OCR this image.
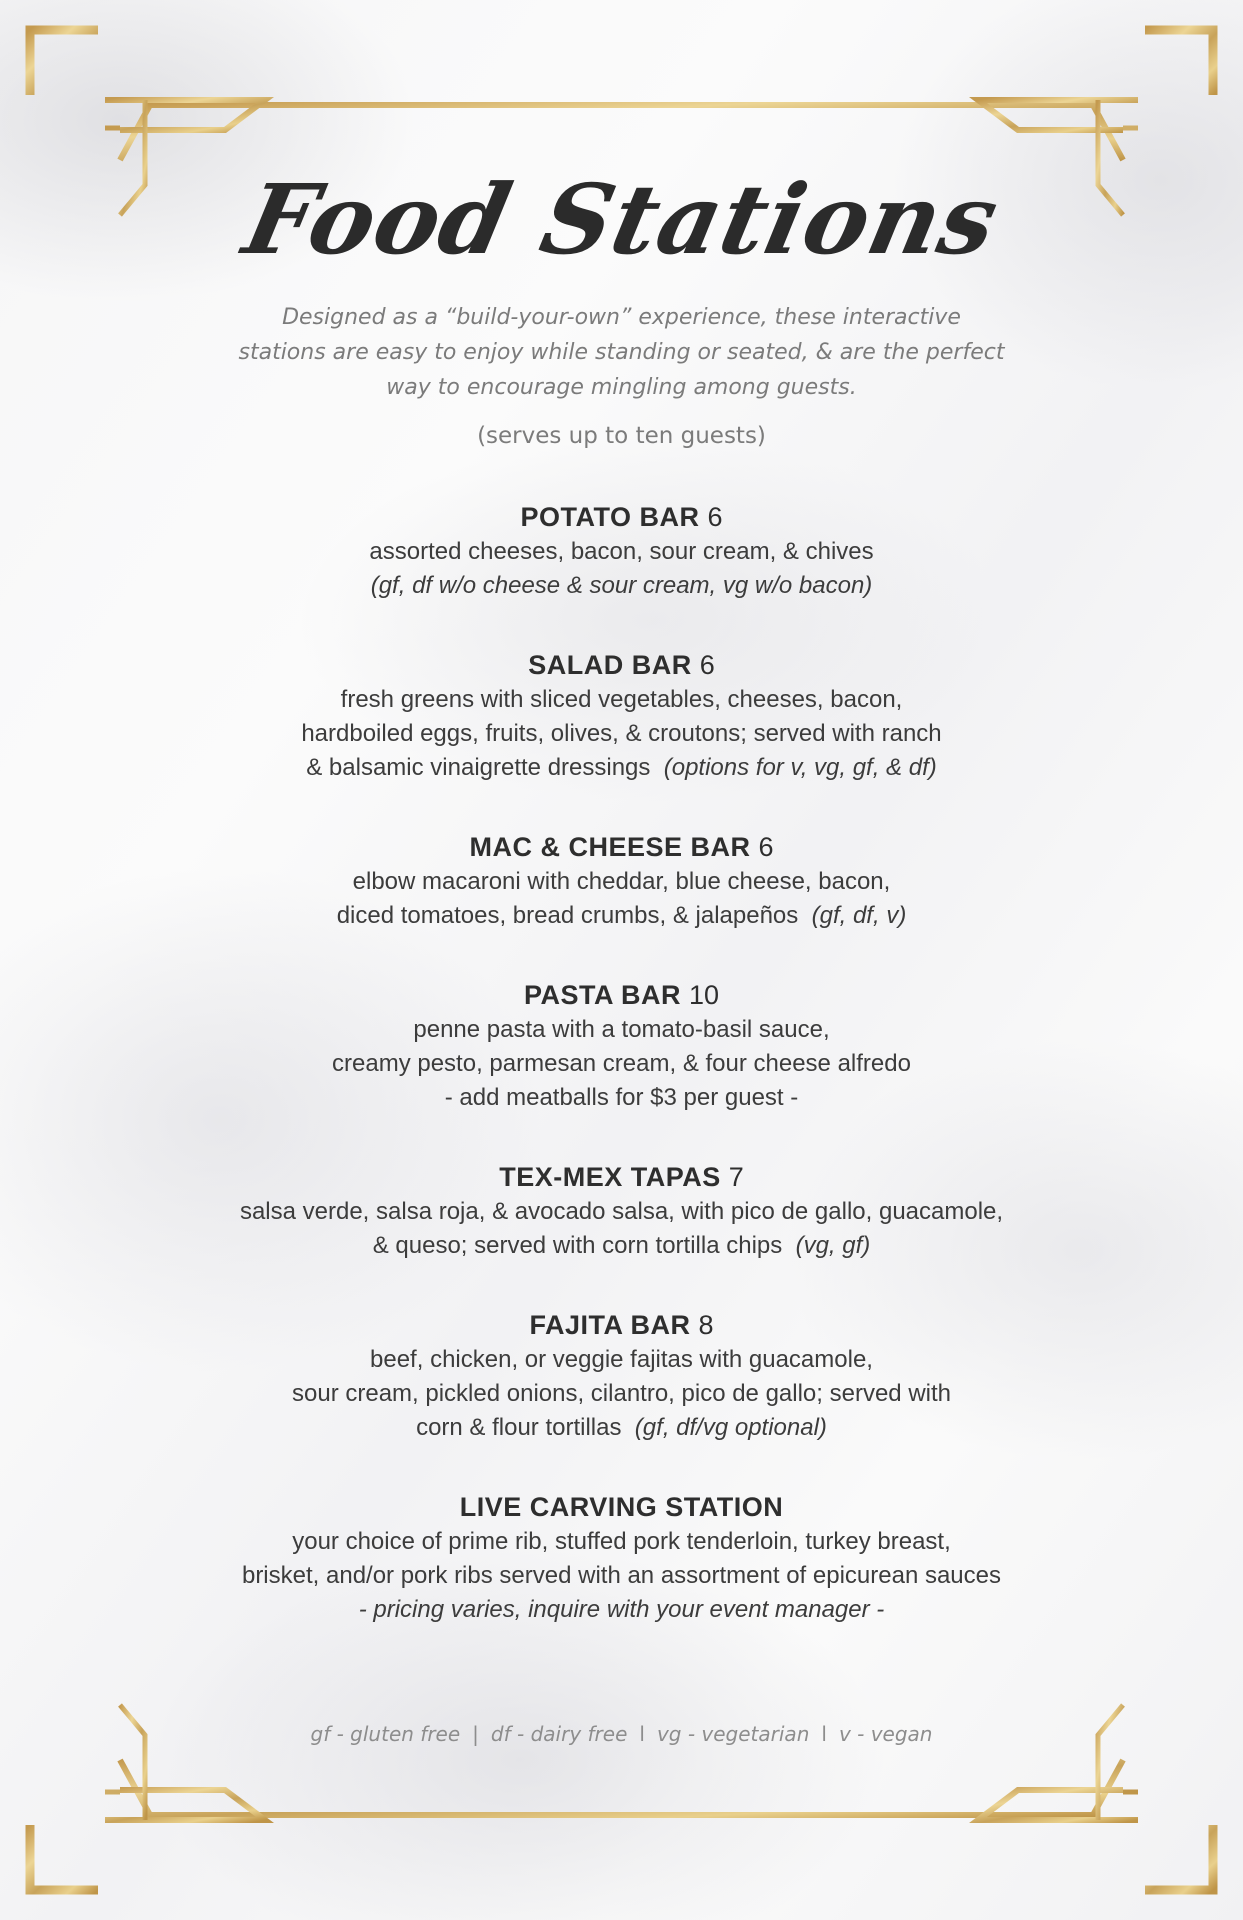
Food Stations

Designed as a “build-your-own” experience, these interactive
stations are easy to enjoy while standing or seated, & are the perfect
way to encourage mingling among guests.

(serves up to ten guests)

POTATO BAR 6
assorted cheeses, bacon, sour cream, & chives
(gf, df w/o cheese & sour cream, vg w/o bacon)
SALAD BAR 6
fresh greens with sliced vegetables, cheeses, bacon,
hardboiled eggs, fruits, olives, & croutons; served with ranch
& balsamic vinaigrette dressings  (options for v, vg, gf, & df)
MAC & CHEESE BAR 6
elbow macaroni with cheddar, blue cheese, bacon,
diced tomatoes, bread crumbs, & jalapeños  (gf, df, v)
PASTA BAR 10
penne pasta with a tomato-basil sauce,
creamy pesto, parmesan cream, & four cheese alfredo
- add meatballs for $3 per guest -
TEX-MEX TAPAS 7
salsa verde, salsa roja, & avocado salsa, with pico de gallo, guacamole,
& queso; served with corn tortilla chips  (vg, gf)
FAJITA BAR 8
beef, chicken, or veggie fajitas with guacamole,
sour cream, pickled onions, cilantro, pico de gallo; served with
corn & flour tortillas  (gf, df/vg optional)
LIVE CARVING STATION
your choice of prime rib, stuffed pork tenderloin, turkey breast,
brisket, and/or pork ribs served with an assortment of epicurean sauces
- pricing varies, inquire with your event manager -
gf - gluten free | df - dairy free l vg - vegetarian l v - vegan
